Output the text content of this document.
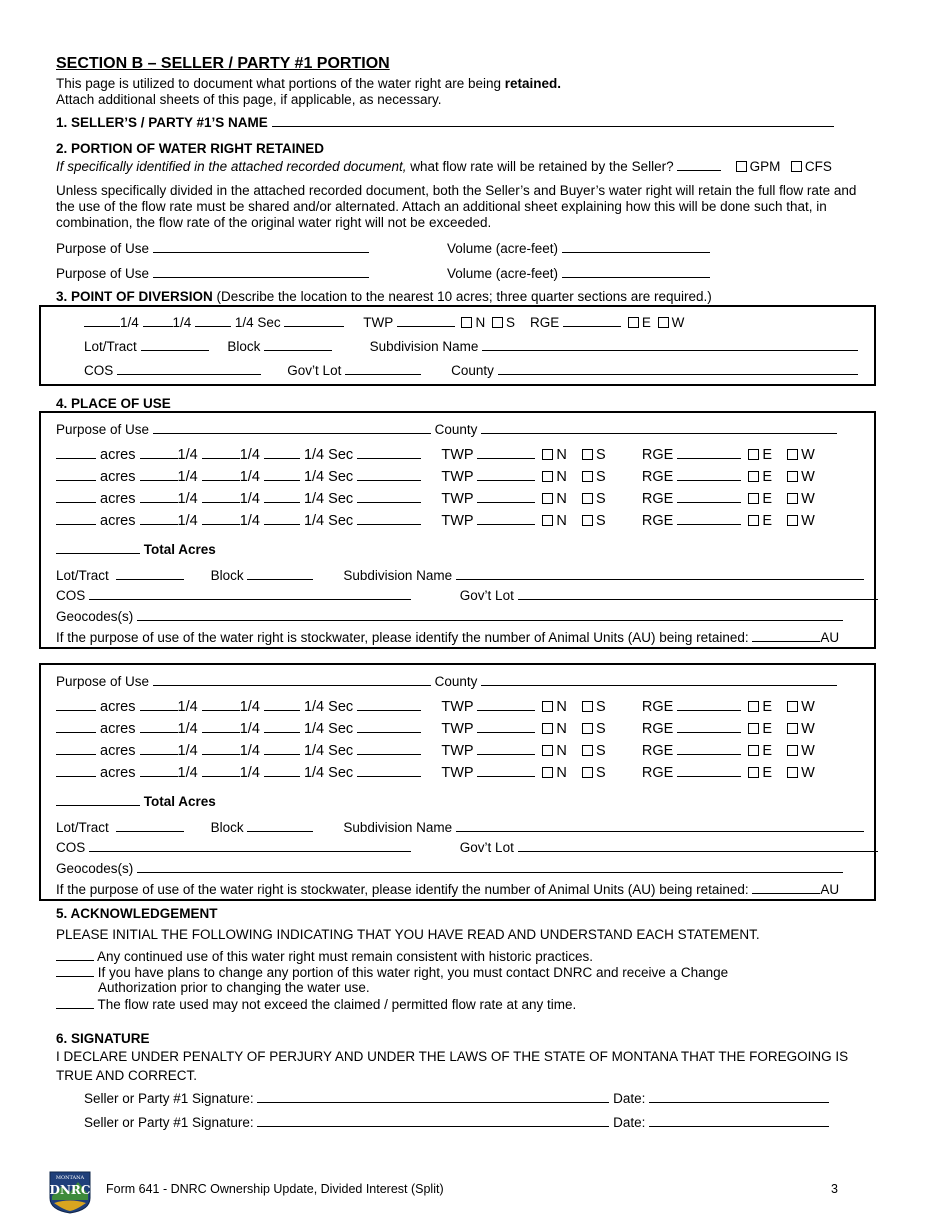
SECTION B – SELLER / PARTY #1 PORTION
This page is utilized to document what portions of the water right are being retained.
Attach additional sheets of this page, if applicable, as necessary.
1. SELLER’S / PARTY #1’S NAME
2. PORTION OF WATER RIGHT RETAINED
If specifically identified in the attached recorded document, what flow rate will be retained by the Seller?	GPM CFS
Unless specifically divided in the attached recorded document, both the Seller’s and Buyer’s water right will retain the full flow rate and
the use of the flow rate must be shared and/or alternated. Attach an additional sheet explaining how this will be done such that, in
combination, the flow rate of the original water right will not be exceeded.
Purpose of Use	Volume (acre-feet)
Purpose of Use	Volume (acre-feet)
3. POINT OF DIVERSION (Describe the location to the nearest 10 acres; three quarter sections are required.)
1/4	1/4	1/4 Sec	TWP	N S RGE	E W
Lot/Tract	Block	Subdivision Name
COS	Gov’t Lot	County
4. PLACE OF USE
Purpose of Use	County
acres	1/4	1/4	1/4 Sec	TWP	N S	RGE	E W
acres	1/4	1/4	1/4 Sec	TWP	N S	RGE	E W
acres	1/4	1/4	1/4 Sec	TWP	N S	RGE	E W
acres	1/4	1/4	1/4 Sec	TWP	N S	RGE	E W
Total Acres
Lot/Tract	Block	Subdivision Name
COS	Gov’t Lot
Geocodes(s)
If the purpose of use of the water right is stockwater, please identify the number of Animal Units (AU) being retained:	AU
Purpose of Use	County
acres	1/4	1/4	1/4 Sec	TWP	N S	RGE	E W
acres	1/4	1/4	1/4 Sec	TWP	N S	RGE	E W
acres	1/4	1/4	1/4 Sec	TWP	N S	RGE	E W
acres	1/4	1/4	1/4 Sec	TWP	N S	RGE	E W
Total Acres
Lot/Tract	Block	Subdivision Name
COS	Gov’t Lot
Geocodes(s)
If the purpose of use of the water right is stockwater, please identify the number of Animal Units (AU) being retained:	AU
5. ACKNOWLEDGEMENT
PLEASE INITIAL THE FOLLOWING INDICATING THAT YOU HAVE READ AND UNDERSTAND EACH STATEMENT.
Any continued use of this water right must remain consistent with historic practices.
If you have plans to change any portion of this water right, you must contact DNRC and receive a Change
Authorization prior to changing the water use.
The flow rate used may not exceed the claimed / permitted flow rate at any time.
6. SIGNATURE
I DECLARE UNDER PENALTY OF PERJURY AND UNDER THE LAWS OF THE STATE OF MONTANA THAT THE FOREGOING IS
TRUE AND CORRECT.
Seller or Party #1 Signature:	Date:
Seller or Party #1 Signature:	Date:
MONTANA
DNRC Form 641 - DNRC Ownership Update, Divided Interest (Split)	3
